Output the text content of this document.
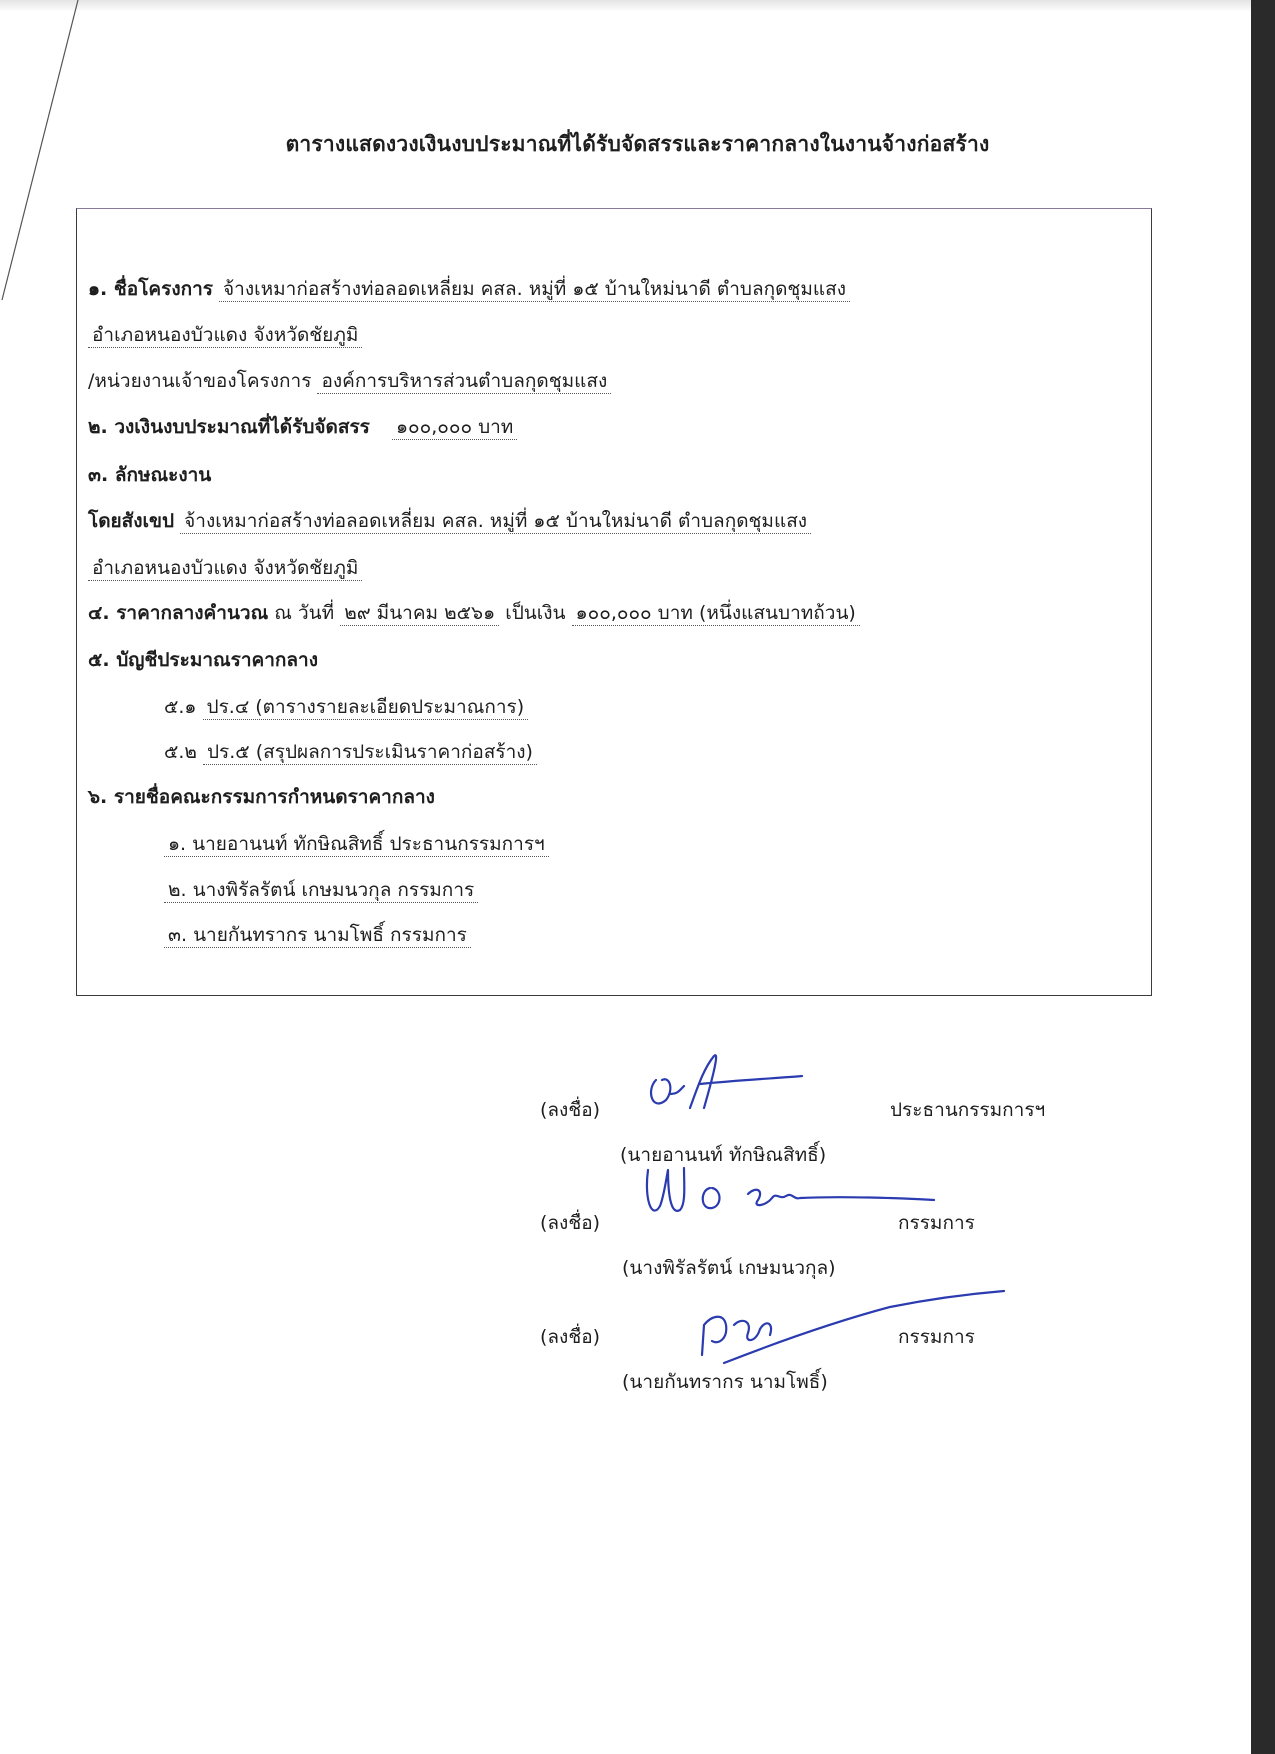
ตารางแสดงวงเงินงบประมาณที่ได้รับจัดสรรและราคากลางในงานจ้างก่อสร้าง
๑. ชื่อโครงการ จ้างเหมาก่อสร้างท่อลอดเหลี่ยม คสล. หมู่ที่ ๑๕ บ้านใหม่นาดี ตำบลกุดชุมแสง
อำเภอหนองบัวแดง จังหวัดชัยภูมิ
/หน่วยงานเจ้าของโครงการ องค์การบริหารส่วนตำบลกุดชุมแสง
๒. วงเงินงบประมาณที่ได้รับจัดสรร ๑๐๐,๐๐๐ บาท
๓. ลักษณะงาน
โดยสังเขป จ้างเหมาก่อสร้างท่อลอดเหลี่ยม คสล. หมู่ที่ ๑๕ บ้านใหม่นาดี ตำบลกุดชุมแสง
อำเภอหนองบัวแดง จังหวัดชัยภูมิ
๔. ราคากลางคำนวณ ณ วันที่ ๒๙ มีนาคม ๒๕๖๑ เป็นเงิน ๑๐๐,๐๐๐ บาท (หนึ่งแสนบาทถ้วน)
๕. บัญชีประมาณราคากลาง
๕.๑ ปร.๔ (ตารางรายละเอียดประมาณการ)
๕.๒ ปร.๕ (สรุปผลการประเมินราคาก่อสร้าง)
๖. รายชื่อคณะกรรมการกำหนดราคากลาง
๑. นายอานนท์ ทักษิณสิทธิ์ ประธานกรรมการฯ
๒. นางพิรัลรัตน์ เกษมนวกุล กรรมการ
๓. นายกันทรากร นามโพธิ์ กรรมการ
(ลงชื่อ)	ประธานกรรมการฯ
(นายอานนท์ ทักษิณสิทธิ์)
(ลงชื่อ)	กรรมการ
(นางพิรัลรัตน์ เกษมนวกุล)
(ลงชื่อ)	กรรมการ
(นายกันทรากร นามโพธิ์)
